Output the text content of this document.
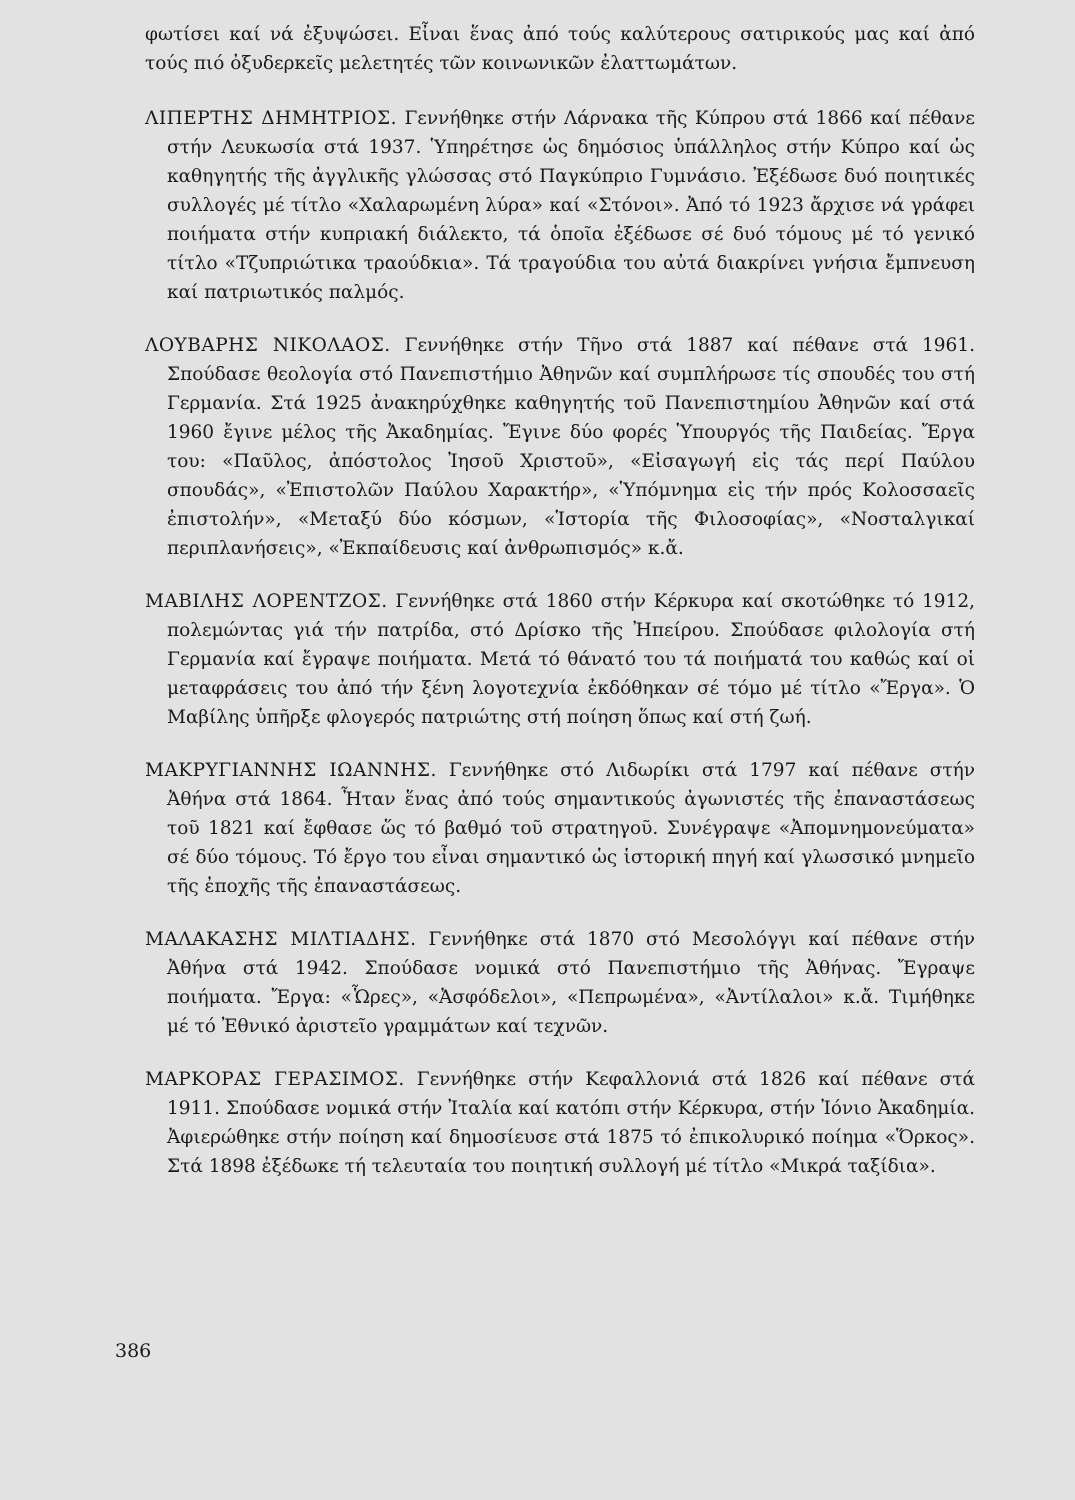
φωτίσει καί νά ἐξυψώσει. Εἶναι ἕνας ἀπό τούς καλύτερους σατιρικούς μας καί ἀπό τούς πιό ὀξυδερκεῖς μελετητές τῶν κοινωνικῶν ἐλαττωμάτων.

ΛΙΠΕΡΤΗΣ ΔΗΜΗΤΡΙΟΣ. Γεννήθηκε στήν Λάρνακα τῆς Κύπρου στά 1866 καί πέθανε στήν Λευκωσία στά 1937. Ὑπηρέτησε ὡς δημόσιος ὑπάλληλος στήν Κύπρο καί ὡς καθηγητής τῆς ἀγγλικῆς γλώσσας στό Παγκύπριο Γυμνάσιο. Ἐξέδωσε δυό ποιητικές συλλογές μέ τίτλο «Χαλαρωμένη λύρα» καί «Στόνοι». Ἀπό τό 1923 ἄρχισε νά γράφει ποιήματα στήν κυπριακή διάλεκτο, τά ὁποῖα ἐξέδωσε σέ δυό τόμους μέ τό γενικό τίτλο «Τζυπριώτικα τραούδκια». Τά τραγούδια του αὐτά διακρίνει γνήσια ἔμπνευση καί πατριωτικός παλμός.

ΛΟΥΒΑΡΗΣ ΝΙΚΟΛΑΟΣ. Γεννήθηκε στήν Τῆνο στά 1887 καί πέθανε στά 1961. Σπούδασε θεολογία στό Πανεπιστήμιο Ἀθηνῶν καί συμπλήρωσε τίς σπουδές του στή Γερμανία. Στά 1925 ἀνακηρύχθηκε καθηγητής τοῦ Πανεπιστημίου Ἀθηνῶν καί στά 1960 ἔγινε μέλος τῆς Ἀκαδημίας. Ἔγινε δύο φορές Ὑπουργός τῆς Παιδείας. Ἔργα του: «Παῦλος, ἀπόστολος Ἰησοῦ Χριστοῦ», «Εἰσαγωγή εἰς τάς περί Παύλου σπουδάς», «Ἐπιστολῶν Παύλου Χαρακτήρ», «Ὑπόμνημα εἰς τήν πρός Κολοσσαεῖς ἐπιστολήν», «Μεταξύ δύο κόσμων, «Ἱστορία τῆς Φιλοσοφίας», «Νοσταλγικαί περιπλανήσεις», «Ἐκπαίδευσις καί ἀνθρωπισμός» κ.ἄ.

ΜΑΒΙΛΗΣ ΛΟΡΕΝΤΖΟΣ. Γεννήθηκε στά 1860 στήν Κέρκυρα καί σκοτώθηκε τό 1912, πολεμώντας γιά τήν πατρίδα, στό Δρίσκο τῆς Ἠπείρου. Σπούδασε φιλολογία στή Γερμανία καί ἔγραψε ποιήματα. Μετά τό θάνατό του τά ποιήματά του καθώς καί οἱ μεταφράσεις του ἀπό τήν ξένη λογοτεχνία ἐκδόθηκαν σέ τόμο μέ τίτλο «Ἔργα». Ὁ Μαβίλης ὑπῆρξε φλογερός πατριώτης στή ποίηση ὅπως καί στή ζωή.

ΜΑΚΡΥΓΙΑΝΝΗΣ ΙΩΑΝΝΗΣ. Γεννήθηκε στό Λιδωρίκι στά 1797 καί πέθανε στήν Ἀθήνα στά 1864. Ἦταν ἕνας ἀπό τούς σημαντικούς ἀγωνιστές τῆς ἐπαναστάσεως τοῦ 1821 καί ἔφθασε ὥς τό βαθμό τοῦ στρατηγοῦ. Συνέγραψε «Ἀπομνημονεύματα» σέ δύο τόμους. Τό ἔργο του εἶναι σημαντικό ὡς ἱστορική πηγή καί γλωσσικό μνημεῖο τῆς ἐποχῆς τῆς ἐπαναστάσεως.

ΜΑΛΑΚΑΣΗΣ ΜΙΛΤΙΑΔΗΣ. Γεννήθηκε στά 1870 στό Μεσολόγγι καί πέθανε στήν Ἀθήνα στά 1942. Σπούδασε νομικά στό Πανεπιστήμιο τῆς Ἀθήνας. Ἔγραψε ποιήματα. Ἔργα: «Ὧρες», «Ἀσφόδελοι», «Πεπρωμένα», «Ἀντίλαλοι» κ.ἄ. Τιμήθηκε μέ τό Ἐθνικό ἀριστεῖο γραμμάτων καί τεχνῶν.

ΜΑΡΚΟΡΑΣ ΓΕΡΑΣΙΜΟΣ. Γεννήθηκε στήν Κεφαλλονιά στά 1826 καί πέθανε στά 1911. Σπούδασε νομικά στήν Ἰταλία καί κατόπι στήν Κέρκυρα, στήν Ἰόνιο Ἀκαδημία. Ἀφιερώθηκε στήν ποίηση καί δημοσίευσε στά 1875 τό ἐπικολυρικό ποίημα «Ὅρκος». Στά 1898 ἐξέδωκε τή τελευταία του ποιητική συλλογή μέ τίτλο «Μικρά ταξίδια».

386
